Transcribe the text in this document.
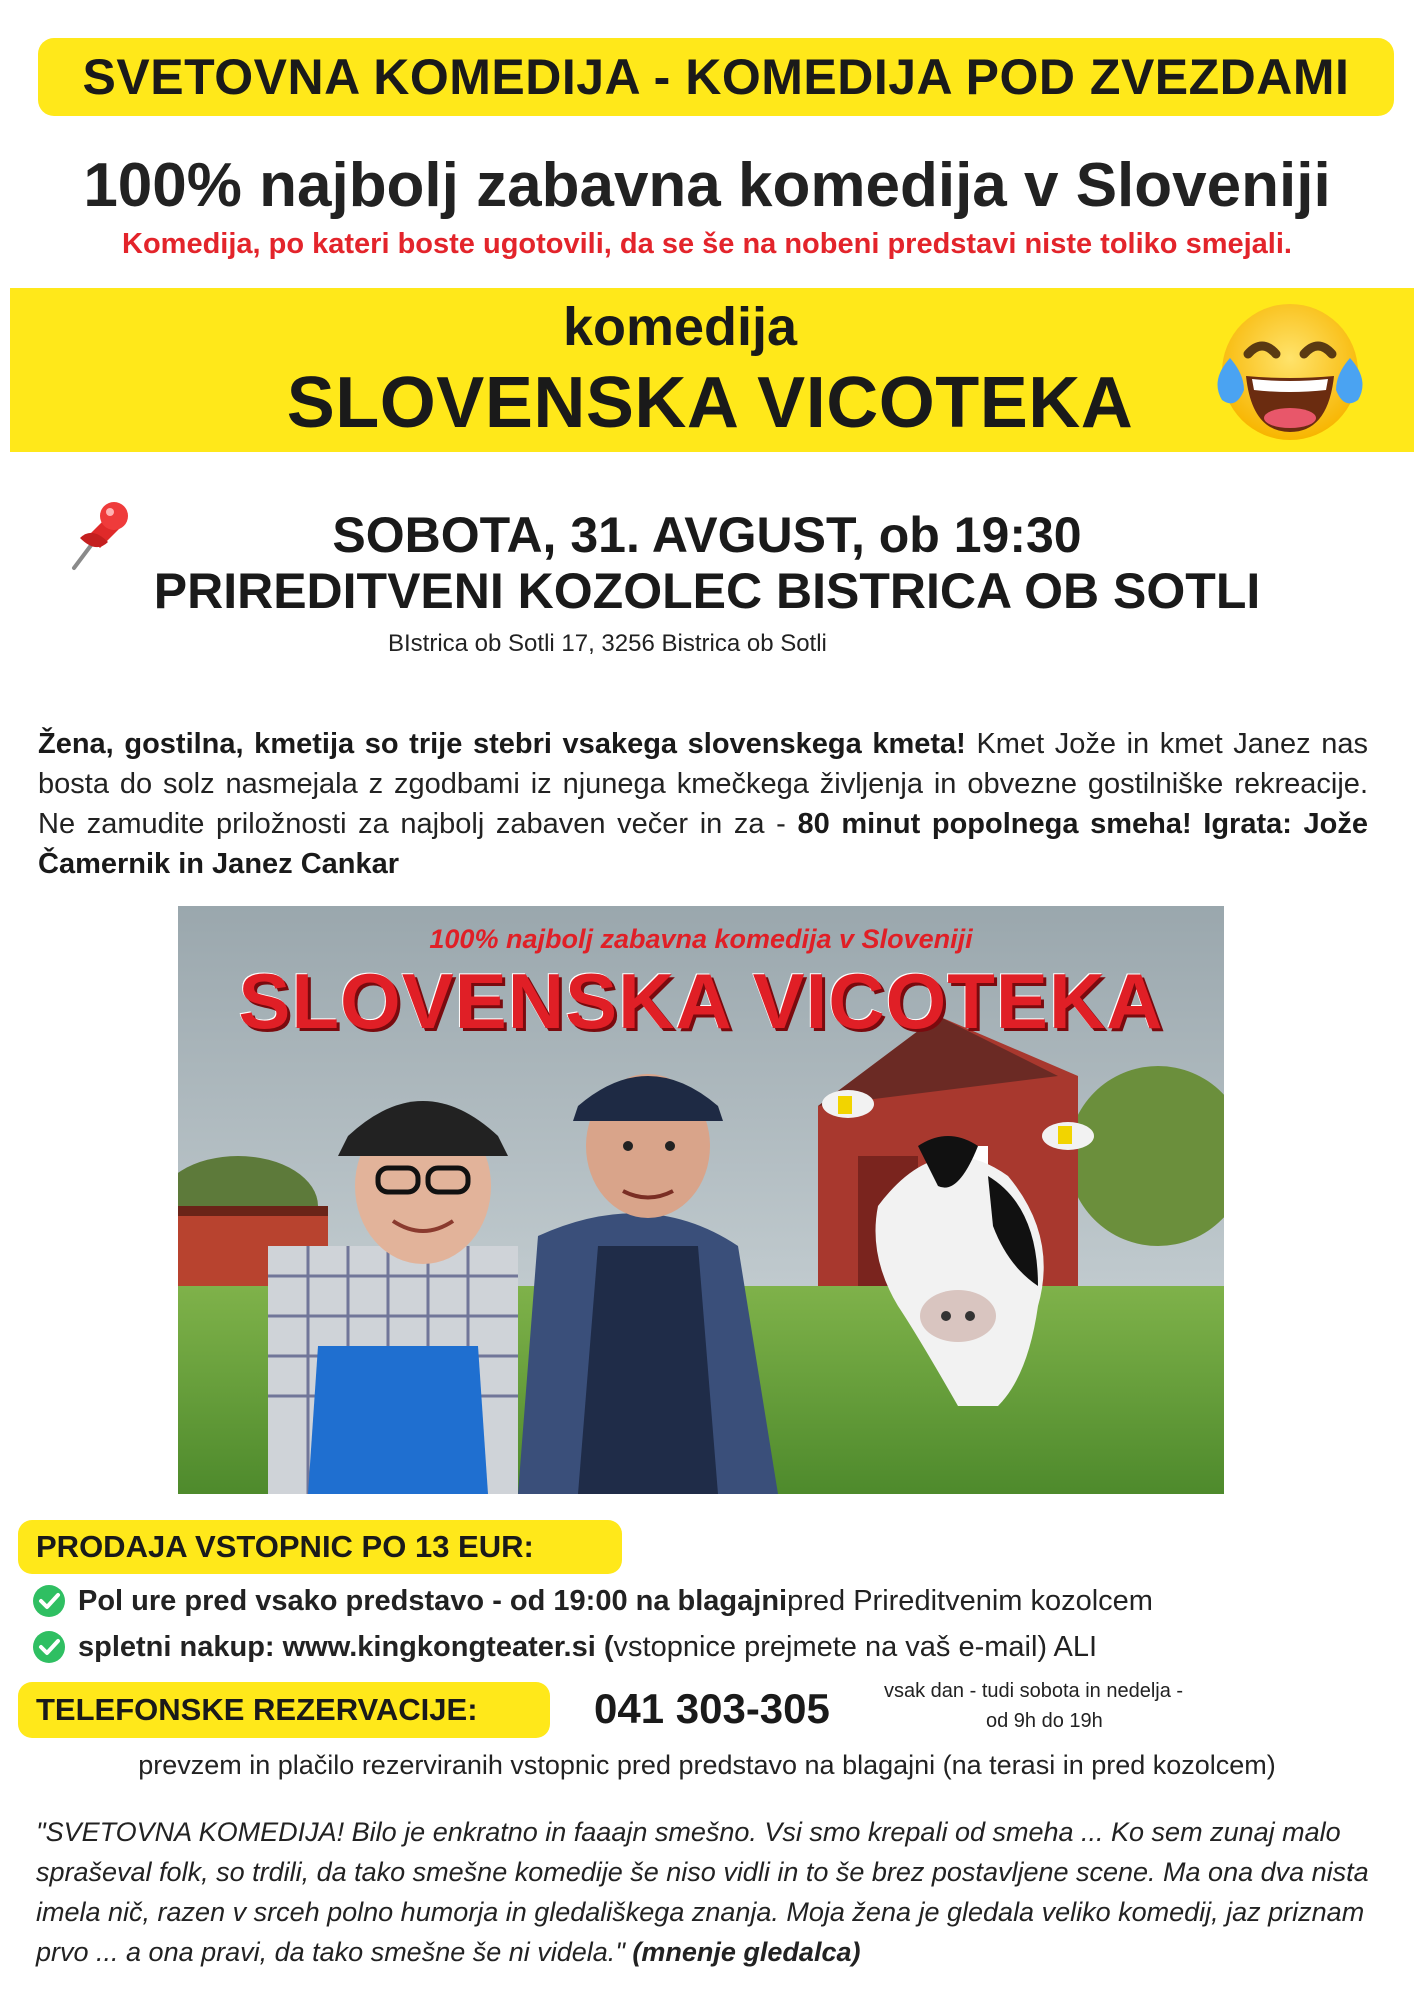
SVETOVNA KOMEDIJA - KOMEDIJA POD ZVEZDAMI
100% najbolj zabavna komedija v Sloveniji
Komedija, po kateri boste ugotovili, da se še na nobeni predstavi niste toliko smejali.
komedija
SLOVENSKA VICOTEKA
SOBOTA, 31. AVGUST, ob 19:30
PRIREDITVENI KOZOLEC BISTRICA OB SOTLI
BIstrica ob Sotli 17, 3256 Bistrica ob Sotli
Žena, gostilna, kmetija so trije stebri vsakega slovenskega kmeta! Kmet Jože in kmet Janez nas bosta do solz nasmejala z zgodbami iz njunega kmečkega življenja in obvezne gostilniške rekreacije. Ne zamudite priložnosti za najbolj zabaven večer in za - 80 minut popolnega smeha! Igrata: Jože Čamernik in Janez Cankar
100% najbolj zabavna komedija v Sloveniji
SLOVENSKA VICOTEKA
PRODAJA VSTOPNIC PO 13 EUR:
Pol ure pred vsako predstavo - od 19:00 na blagajni pred Prireditvenim kozolcem
spletni nakup: www.kingkongteater.si ( vstopnice prejmete na vaš e-mail) ALI
TELEFONSKE REZERVACIJE:	041 303-305	vsak dan - tudi sobota in nedelja -
od 9h do 19h
prevzem in plačilo rezerviranih vstopnic pred predstavo na blagajni (na terasi in pred kozolcem)
"SVETOVNA KOMEDIJA! Bilo je enkratno in faaajn smešno. Vsi smo krepali od smeha ... Ko sem zunaj malo spraševal folk, so trdili, da tako smešne komedije še niso vidli in to še brez postavljene scene. Ma ona dva nista imela nič, razen v srceh polno humorja in gledališkega znanja. Moja žena je gledala veliko komedij, jaz priznam prvo ... a ona pravi, da tako smešne še ni videla." (mnenje gledalca)
